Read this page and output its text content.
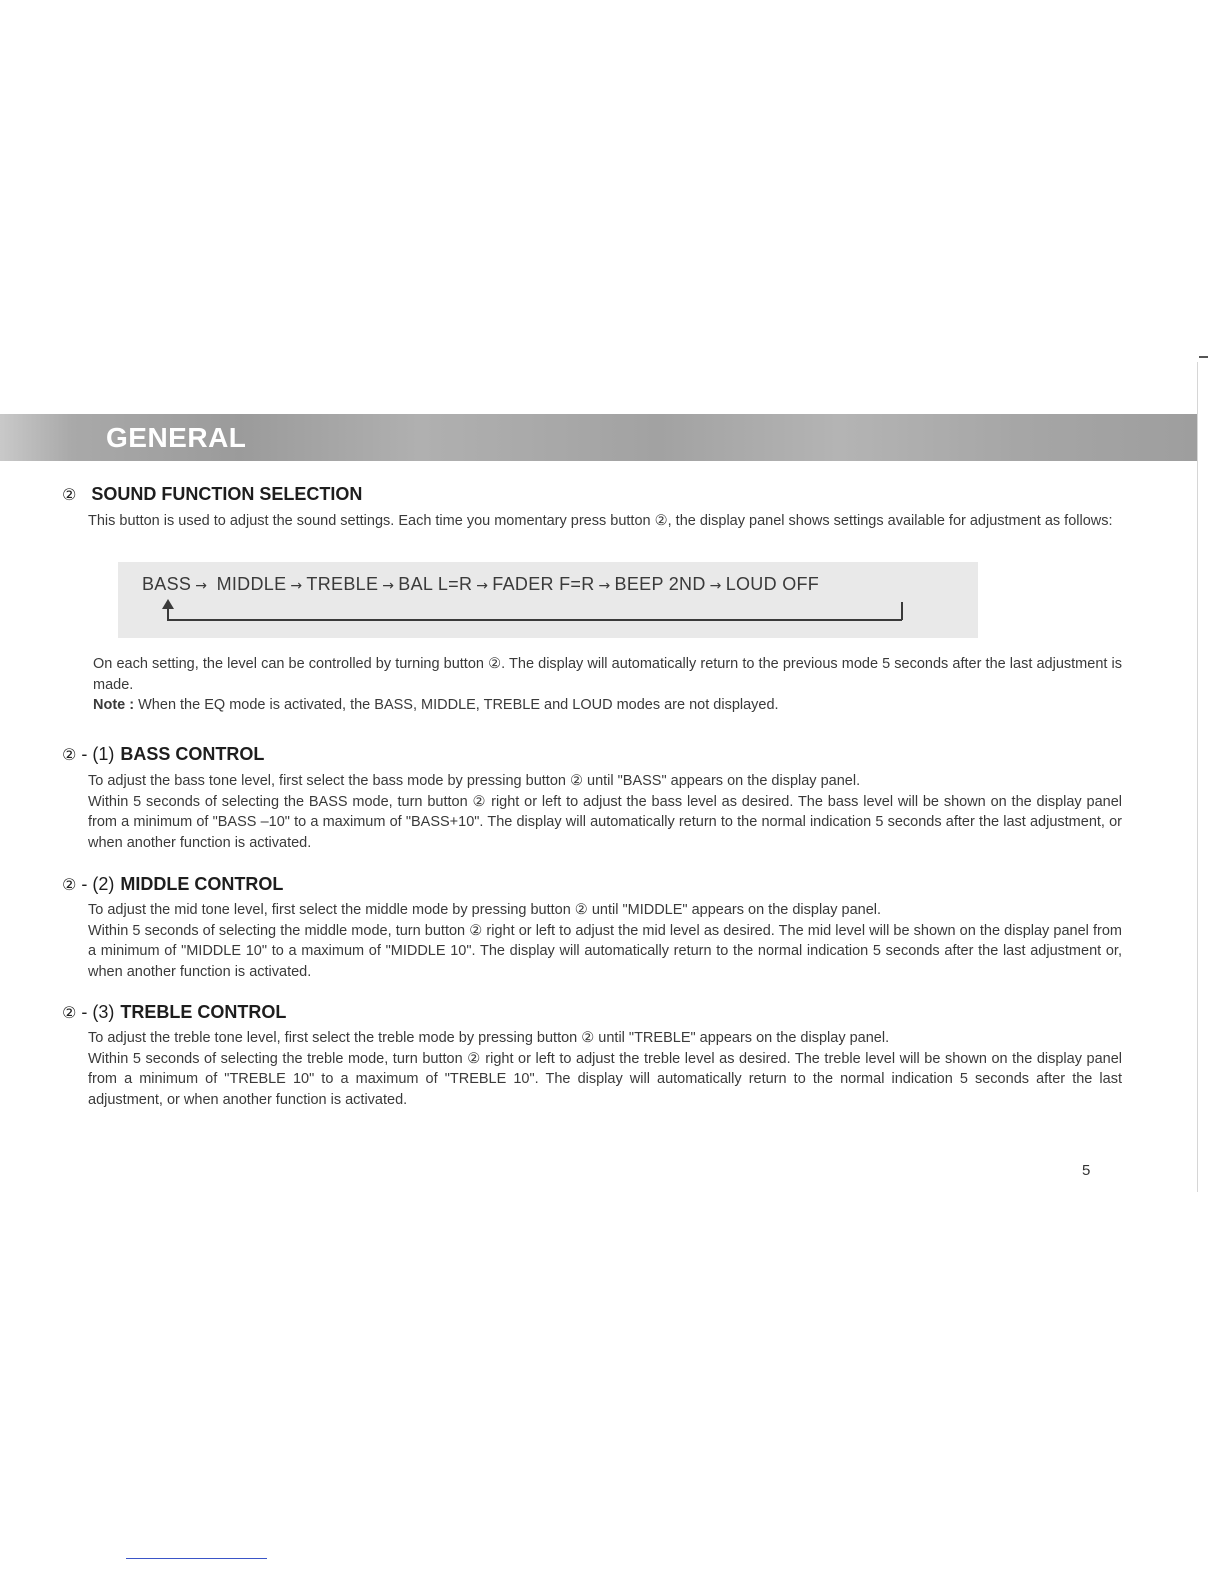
GENERAL
② SOUND FUNCTION SELECTION

This button is used to adjust the sound settings. Each time you momentary press button ②, the display panel shows settings available for adjustment as follows:

BASS → MIDDLE → TREBLE → BAL L=R → FADER F=R → BEEP 2ND → LOUD OFF

On each setting, the level can be controlled by turning button ②. The display will automatically return to the previous mode 5 seconds after the last adjustment is made.

Note : When the EQ mode is activated, the BASS, MIDDLE, TREBLE and LOUD modes are not displayed.

② - (1) BASS CONTROL

To adjust the bass tone level, first select the bass mode by pressing button ② until "BASS" appears on the display panel.

Within 5 seconds of selecting the BASS mode, turn button ② right or left to adjust the bass level as desired. The bass level will be shown on the display panel from a minimum of "BASS –10" to a maximum of "BASS+10". The display will automatically return to the normal indication 5 seconds after the last adjustment, or when another function is activated.

② - (2) MIDDLE CONTROL

To adjust the mid tone level, first select the middle mode by pressing button ② until "MIDDLE" appears on the display panel.

Within 5 seconds of selecting the middle mode, turn button ② right or left to adjust the mid level as desired. The mid level will be shown on the display panel from a minimum of "MIDDLE 10" to a maximum of "MIDDLE 10". The display will automatically return to the normal indication 5 seconds after the last adjustment or, when another function is activated.

② - (3) TREBLE CONTROL

To adjust the treble tone level, first select the treble mode by pressing button ② until "TREBLE" appears on the display panel.

Within 5 seconds of selecting the treble mode, turn button ② right or left to adjust the treble level as desired. The treble level will be shown on the display panel from a minimum of "TREBLE 10" to a maximum of "TREBLE 10". The display will automatically return to the normal indication 5 seconds after the last adjustment, or when another function is activated.

5
